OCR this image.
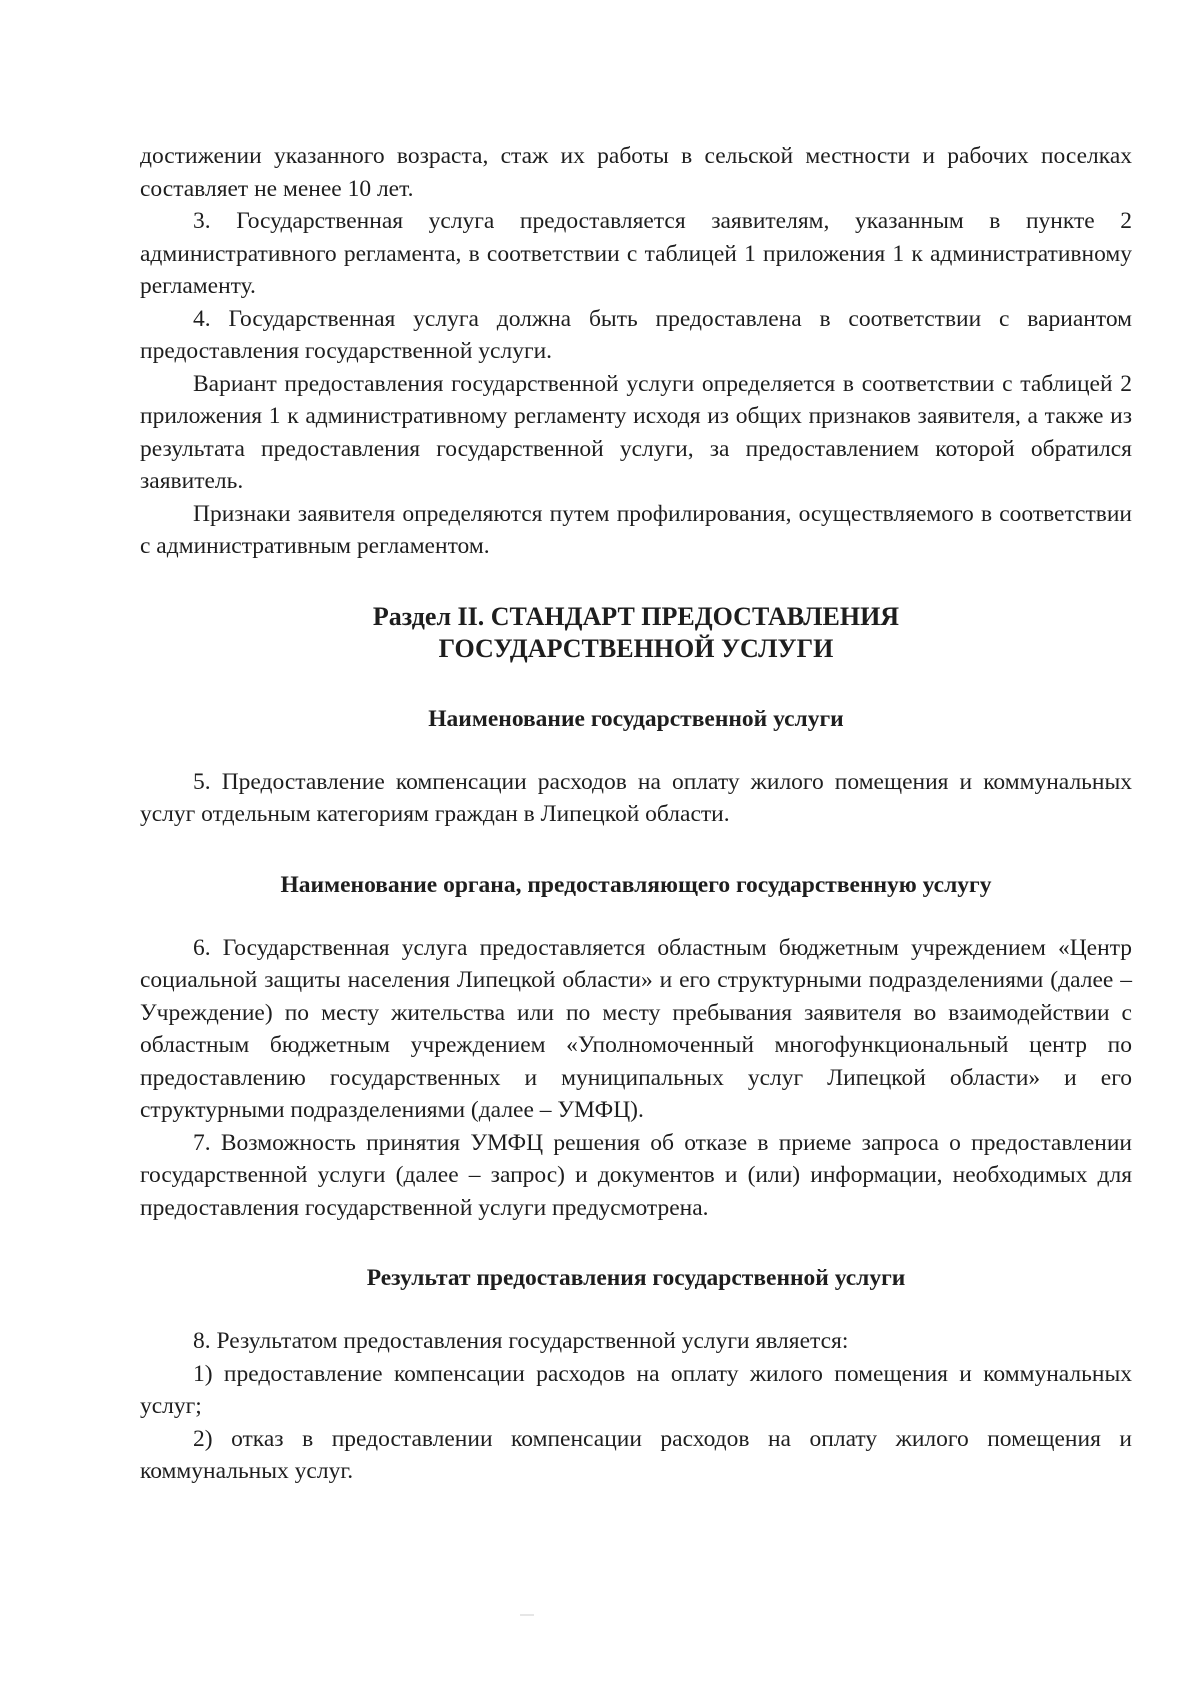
достижении указанного возраста, стаж их работы в сельской местности и рабочих поселках составляет не менее 10 лет.

3. Государственная услуга предоставляется заявителям, указанным в пункте 2 административного регламента, в соответствии с таблицей 1 приложения 1 к административному регламенту.

4. Государственная услуга должна быть предоставлена в соответствии с вариантом предоставления государственной услуги.

Вариант предоставления государственной услуги определяется в соответствии с таблицей 2 приложения 1 к административному регламенту исходя из общих признаков заявителя, а также из результата предоставления государственной услуги, за предоставлением которой обратился заявитель.

Признаки заявителя определяются путем профилирования, осуществляемого в соответствии с административным регламентом.

Раздел II. СТАНДАРТ ПРЕДОСТАВЛЕНИЯ
ГОСУДАРСТВЕННОЙ УСЛУГИ
Наименование государственной услуги

5. Предоставление компенсации расходов на оплату жилого помещения и коммунальных услуг отдельным категориям граждан в Липецкой области.

Наименование органа, предоставляющего государственную услугу

6. Государственная услуга предоставляется областным бюджетным учреждением «Центр социальной защиты населения Липецкой области» и его структурными подразделениями (далее – Учреждение) по месту жительства или по месту пребывания заявителя во взаимодействии с областным бюджетным учреждением «Уполномоченный многофункциональный центр по предоставлению государственных и муниципальных услуг Липецкой области» и его структурными подразделениями (далее – УМФЦ).

7. Возможность принятия УМФЦ решения об отказе в приеме запроса о предоставлении государственной услуги (далее – запрос) и документов и (или) информации, необходимых для предоставления государственной услуги предусмотрена.

Результат предоставления государственной услуги

8. Результатом предоставления государственной услуги является:

1) предоставление компенсации расходов на оплату жилого помещения и коммунальных услуг;

2) отказ в предоставлении компенсации расходов на оплату жилого помещения и коммунальных услуг.
